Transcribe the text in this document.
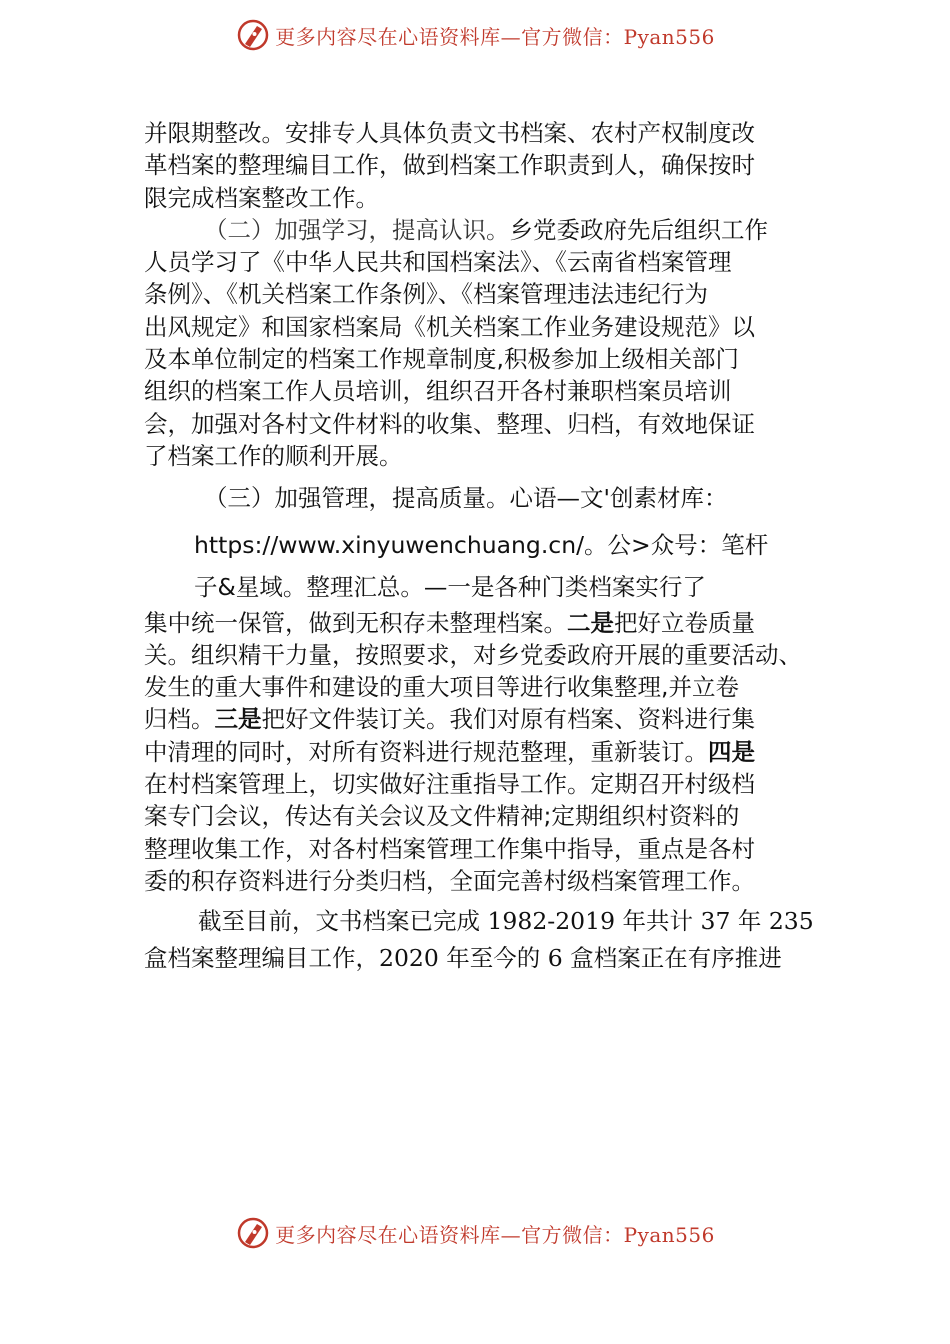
更多内容尽在心语资料库—官方微信：Pyan556
并限期整改。安排专人具体负责文书档案、农村产权制度改
革档案的整理编目工作，做到档案工作职责到人，确保按时
限完成档案整改工作。
（二）加强学习，提高认识。乡党委政府先后组织工作
人员学习了《中华人民共和国档案法》、《云南省档案管理
条例》、《机关档案工作条例》、《档案管理违法违纪行为
出风规定》和国家档案局《机关档案工作业务建设规范》以
及本单位制定的档案工作规章制度,积极参加上级相关部门
组织的档案工作人员培训，组织召开各村兼职档案员培训
会，加强对各村文件材料的收集、整理、归档，有效地保证
了档案工作的顺利开展。
（三）加强管理，提高质量。心语—文'创素材库：
https://www.xinyuwenchuang.cn/。公>众号：笔杆
子&星域。整理汇总。—一是各种门类档案实行了
集中统一保管，做到无积存未整理档案。二是把好立卷质量
关。组织精干力量，按照要求，对乡党委政府开展的重要活动、
发生的重大事件和建设的重大项目等进行收集整理,并立卷
归档。三是把好文件装订关。我们对原有档案、资料进行集
中清理的同时，对所有资料进行规范整理，重新装订。四是
在村档案管理上，切实做好注重指导工作。定期召开村级档
案专门会议，传达有关会议及文件精神;定期组织村资料的
整理收集工作，对各村档案管理工作集中指导，重点是各村
委的积存资料进行分类归档，全面完善村级档案管理工作。
截至目前，文书档案已完成 1982-2019 年共计 37 年 235
盒档案整理编目工作，2020 年至今的 6 盒档案正在有序推进
更多内容尽在心语资料库—官方微信：Pyan556
